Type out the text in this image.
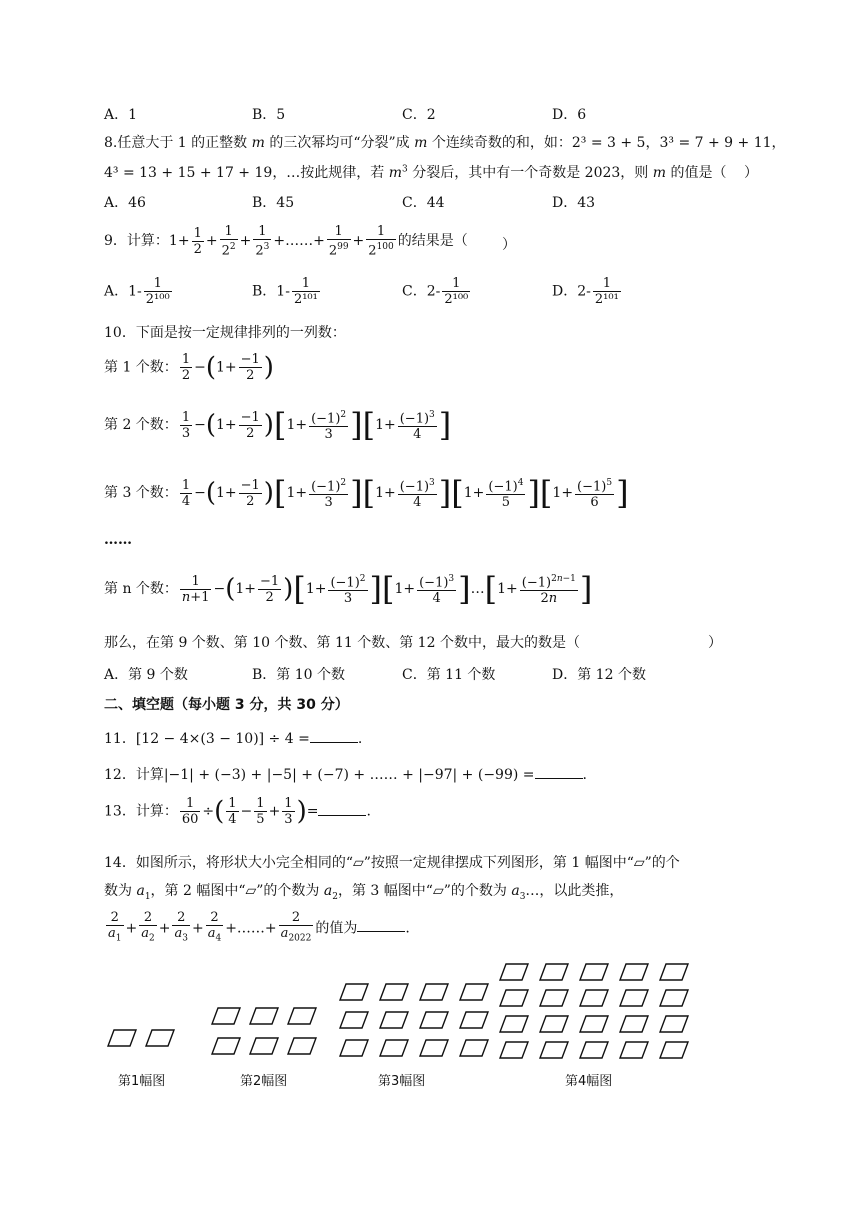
A．1	B．5	C．2	D．6
8.任意大于 1 的正整数 m 的三次幂均可“分裂”成 m 个连续奇数的和，如：2³ = 3 + 5，3³ = 7 + 9 + 11，
4³ = 13 + 15 + 17 + 19，…按此规律，若 $m^3$ 分裂后，其中有一个奇数是 2023，则 m 的值是（ ）
A．46	B．45	C．44	D．43
9．计算：$1+ \frac{1}{2} + \frac{1}{2^2} + \frac{1}{2^3}$ +……+ $\frac{1}{2^{99}} + \frac{1}{2^{100}}$ 的结果是（ ）
A．$1- \frac{1}{\text{2¹⁰⁰}}$	B．$1- \frac{1}{\text{2¹⁰¹}}$	C．$2- \frac{1}{\text{2¹⁰⁰}}$	D．$2- \frac{1}{\text{2¹⁰¹}}$
10．下面是按一定规律排列的一列数：
第 1 个数： $\frac{1}{2} -(1+ \frac{-1}{2}$ )
第 2 个数： $\frac{1}{3} -(1+ \frac{-1}{2} )[1+ \frac{(-1)^2}{3} ][1+ \frac{(-1)^3}{4}$ ]
第 3 个数： $\frac{1}{4} -(1+ \frac{-1}{2} )[1+ \frac{(-1)^2}{3} ][1+ \frac{(-1)^3}{4} ][1+ \frac{(-1)^4}{5} ][1+ \frac{(-1)^5}{6}$ ]
……
第 n 个数： $\frac{1}{n+1} -(1+ \frac{-1}{2} )[1+ \frac{(-1)^2}{3} ][1+ \frac{(-1)^3}{4}$ ]…[1+ $\frac{(-1)^{2n-1}}{2n}$ ]
那么，在第 9 个数、第 10 个数、第 11 个数、第 12 个数中，最大的数是（	）
A．第 9 个数	B．第 10 个数	C．第 11 个数	D．第 12 个数
二、填空题（每小题 3 分，共 30 分）
11．[12 − 4×(3 − 10)] ÷ 4 =	.
12．计算|−1| + (−3) + |−5| + (−7) + …… + |−97| + (−99) =	.
13．计算： $\frac{1}{60}$ ÷( $\frac{1}{4} - \frac{1}{5} + \frac{1}{3}$ )=	.
14．如图所示，将形状大小完全相同的“▱”按照一定规律摆成下列图形，第 1 幅图中“▱”的个
数为 $a_1$，第 2 幅图中“▱”的个数为 $a_2$，第 3 幅图中“▱”的个数为 $a_3\dots$，以此类推，
$\frac{2}{a_1} + \frac{2}{a_2} + \frac{2}{a_3} + \frac{2}{a_4}$ +……+ $\frac{2}{a_{2022}}$ 的值为	.
第1幅图	第2幅图	第3幅图	第4幅图
